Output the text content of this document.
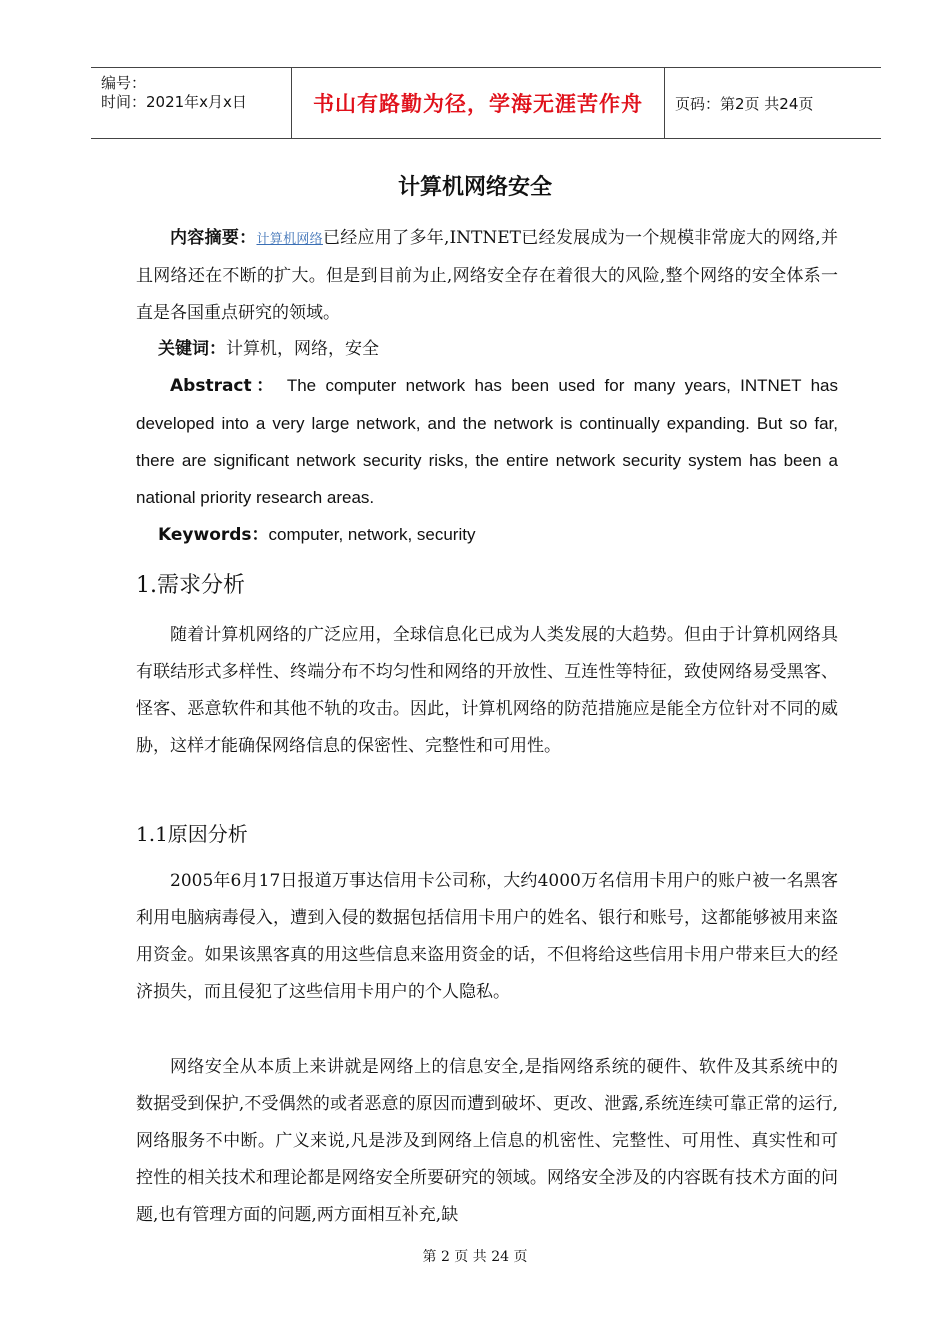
编号：
时间：2021年x月x日	书山有路勤为径，学海无涯苦作舟	页码：第2页 共24页
计算机网络安全
内容摘要：计算机网络已经应用了多年,INTNET已经发展成为一个规模非常庞大的网络,并且网络还在不断的扩大。但是到目前为止,网络安全存在着很大的风险,整个网络的安全体系一直是各国重点研究的领域。
关键词：计算机，网络，安全
Abstract： The computer network has been used for many years, INTNET has developed into a very large network, and the network is continually expanding. But so far, there are significant network security risks, the entire network security system has been a national priority research areas.
Keywords：computer, network, security
1.需求分析
随着计算机网络的广泛应用，全球信息化已成为人类发展的大趋势。但由于计算机网络具有联结形式多样性、终端分布不均匀性和网络的开放性、互连性等特征，致使网络易受黑客、怪客、恶意软件和其他不轨的攻击。因此，计算机网络的防范措施应是能全方位针对不同的威胁，这样才能确保网络信息的保密性、完整性和可用性。
1.1原因分析
2005年6月17日报道万事达信用卡公司称，大约4000万名信用卡用户的账户被一名黑客利用电脑病毒侵入，遭到入侵的数据包括信用卡用户的姓名、银行和账号，这都能够被用来盗用资金。如果该黑客真的用这些信息来盗用资金的话，不但将给这些信用卡用户带来巨大的经济损失，而且侵犯了这些信用卡用户的个人隐私。
网络安全从本质上来讲就是网络上的信息安全,是指网络系统的硬件、软件及其系统中的数据受到保护,不受偶然的或者恶意的原因而遭到破坏、更改、泄露,系统连续可靠正常的运行,网络服务不中断。广义来说,凡是涉及到网络上信息的机密性、完整性、可用性、真实性和可控性的相关技术和理论都是网络安全所要研究的领域。网络安全涉及的内容既有技术方面的问题,也有管理方面的问题,两方面相互补充,缺
第 2 页 共 24 页
